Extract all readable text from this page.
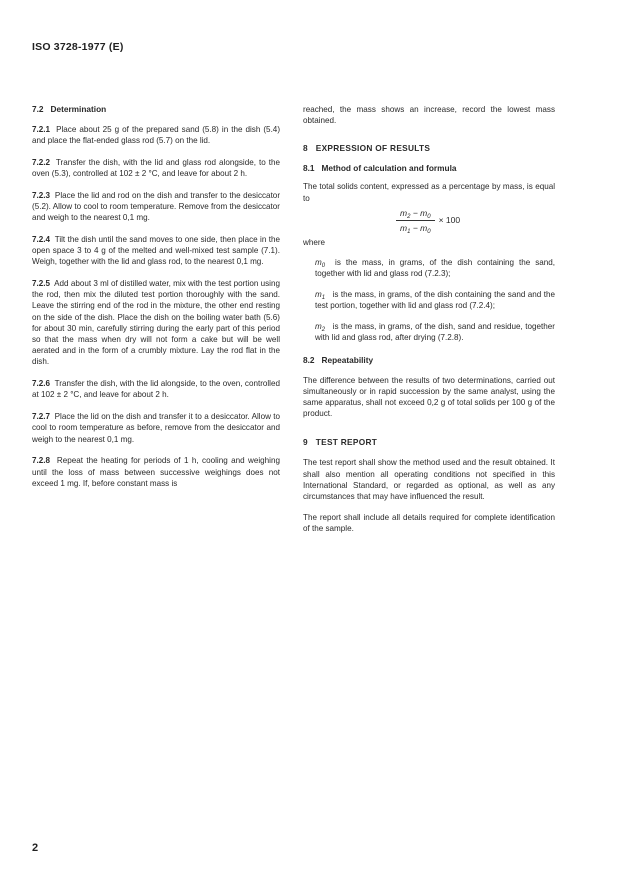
ISO 3728-1977 (E)
7.2 Determination

7.2.1 Place about 25 g of the prepared sand (5.8) in the dish (5.4) and place the flat-ended glass rod (5.7) on the lid.

7.2.2 Transfer the dish, with the lid and glass rod alongside, to the oven (5.3), controlled at 102 ± 2 °C, and leave for about 2 h.

7.2.3 Place the lid and rod on the dish and transfer to the desiccator (5.2). Allow to cool to room temperature. Remove from the desiccator and weigh to the nearest 0,1 mg.

7.2.4 Tilt the dish until the sand moves to one side, then place in the open space 3 to 4 g of the melted and well-mixed test sample (7.1). Weigh, together with the lid and glass rod, to the nearest 0,1 mg.

7.2.5 Add about 3 ml of distilled water, mix with the test portion using the rod, then mix the diluted test portion thoroughly with the sand. Leave the stirring end of the rod in the mixture, the other end resting on the side of the dish. Place the dish on the boiling water bath (5.6) for about 30 min, carefully stirring during the early part of this period so that the mass when dry will not form a cake but will be well aerated and in the form of a crumbly mixture. Lay the rod flat in the dish.

7.2.6 Transfer the dish, with the lid alongside, to the oven, controlled at 102 ± 2 °C, and leave for about 2 h.

7.2.7 Place the lid on the dish and transfer it to a desiccator. Allow to cool to room temperature as before, remove from the desiccator and weigh to the nearest 0,1 mg.

7.2.8 Repeat the heating for periods of 1 h, cooling and weighing until the loss of mass between successive weighings does not exceed 1 mg. If, before constant mass is

reached, the mass shows an increase, record the lowest mass obtained.

8 EXPRESSION OF RESULTS
8.1 Method of calculation and formula

The total solids content, expressed as a percentage by mass, is equal to

$\frac{m_2 - m_0}{m_1 - m_0} \times 100$

where

$m_0$ is the mass, in grams, of the dish containing the sand, together with lid and glass rod (7.2.3);

$m_1$ is the mass, in grams, of the dish containing the sand and the test portion, together with lid and glass rod (7.2.4);

$m_2$ is the mass, in grams, of the dish, sand and residue, together with lid and glass rod, after drying (7.2.8).

8.2 Repeatability

The difference between the results of two determinations, carried out simultaneously or in rapid succession by the same analyst, using the same apparatus, shall not exceed 0,2 g of total solids per 100 g of the product.

9 TEST REPORT

The test report shall show the method used and the result obtained. It shall also mention all operating conditions not specified in this International Standard, or regarded as optional, as well as any circumstances that may have influenced the result.

The report shall include all details required for complete identification of the sample.

2
